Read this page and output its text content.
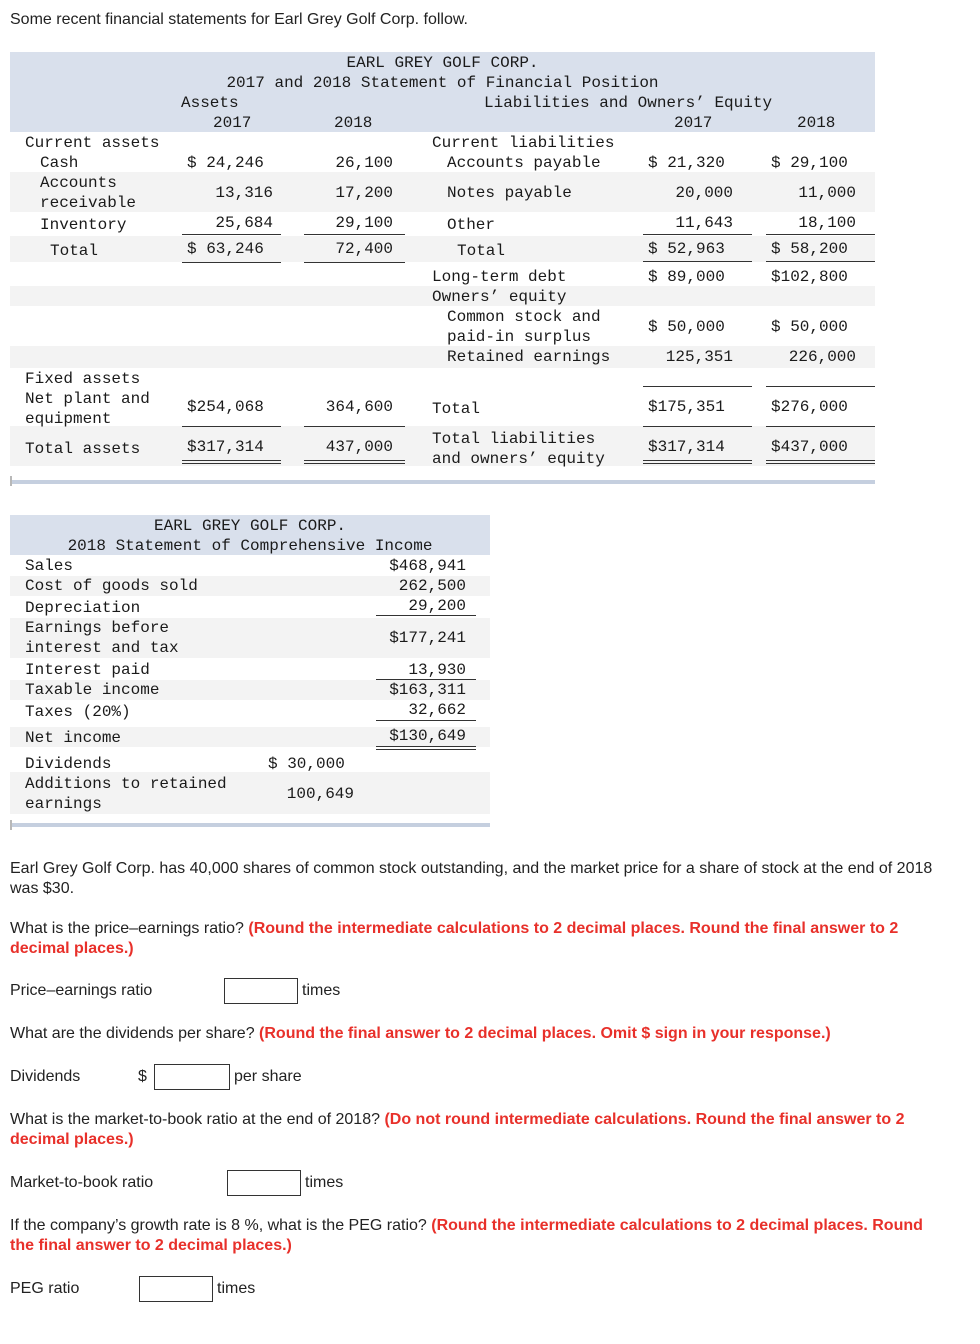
Some recent financial statements for Earl Grey Golf Corp. follow.
EARL GREY GOLF CORP.
2017 and 2018 Statement of Financial Position
Assets	Liabilities and Owners’ Equity
2017	2018	2017	2018
Current assets
Cash	$ 24,246	26,100
Accounts
receivable
13,316	17,200
Inventory	25,684	29,100
Total	$ 63,246	72,400
Fixed assets
Net plant and
equipment
$254,068	364,600
Total assets	$317,314	437,000
Current liabilities
Accounts payable	$ 21,320	$ 29,100
Notes payable	20,000	11,000
Other	11,643	18,100
Total	$ 52,963	$ 58,200
Long-term debt	$ 89,000	$102,800
Owners’ equity
Common stock and
paid-in surplus
$ 50,000	$ 50,000
Retained earnings	125,351	226,000
Total	$175,351	$276,000
Total liabilities
and owners’ equity
$317,314	$437,000
EARL GREY GOLF CORP.
2018 Statement of Comprehensive Income
Sales	$468,941
Cost of goods sold	262,500
Depreciation	29,200
Earnings before
interest and tax
$177,241
Interest paid	13,930
Taxable income	$163,311
Taxes (20%)	32,662
Net income	$130,649
Dividends	$ 30,000
Additions to retained
earnings
100,649
Earl Grey Golf Corp. has 40,000 shares of common stock outstanding, and the market price for a share of stock at the end of 2018 was $30.
What is the price–earnings ratio? (Round the intermediate calculations to 2 decimal places. Round the final answer to 2 decimal places.)
Price–earnings ratio	times
What are the dividends per share? (Round the final answer to 2 decimal places. Omit $ sign in your response.)
Dividends	$	per share
What is the market-to-book ratio at the end of 2018? (Do not round intermediate calculations. Round the final answer to 2 decimal places.)
Market-to-book ratio	times
If the company’s growth rate is 8 %, what is the PEG ratio? (Round the intermediate calculations to 2 decimal places. Round the final answer to 2 decimal places.)
PEG ratio	times
